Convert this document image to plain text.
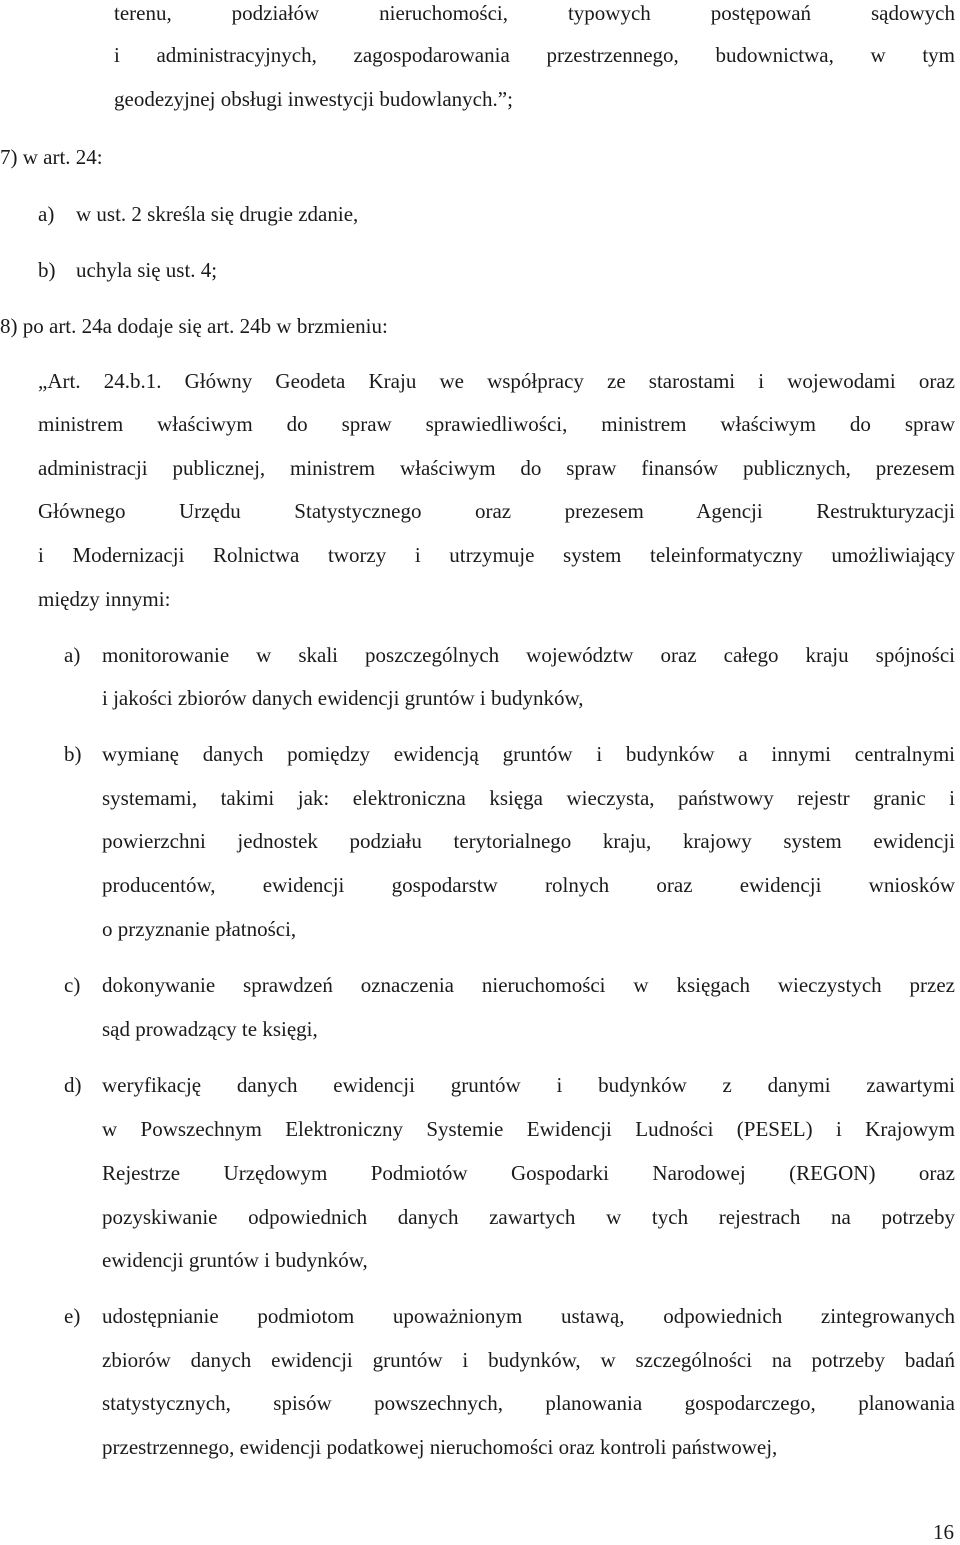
terenu, podziałów nieruchomości, typowych postępowań sądowych
i administracyjnych, zagospodarowania przestrzennego, budownictwa, w tym
geodezyjnej obsługi inwestycji budowlanych.”;
7) w art. 24:
a) w ust. 2 skreśla się drugie zdanie,
b) uchyla się ust. 4;
8) po art. 24a dodaje się art. 24b w brzmieniu:
„Art. 24.b.1. Główny Geodeta Kraju we współpracy ze starostami i wojewodami oraz
ministrem właściwym do spraw sprawiedliwości, ministrem właściwym do spraw
administracji publicznej, ministrem właściwym do spraw finansów publicznych, prezesem
Głównego Urzędu Statystycznego oraz prezesem Agencji Restrukturyzacji
i Modernizacji Rolnictwa tworzy i utrzymuje system teleinformatyczny umożliwiający
między innymi:
a) monitorowanie w skali poszczególnych województw oraz całego kraju spójności
i jakości zbiorów danych ewidencji gruntów i budynków,
b) wymianę danych pomiędzy ewidencją gruntów i budynków a innymi centralnymi
systemami, takimi jak: elektroniczna księga wieczysta, państwowy rejestr granic i
powierzchni jednostek podziału terytorialnego kraju, krajowy system ewidencji
producentów, ewidencji gospodarstw rolnych oraz ewidencji wniosków
o przyznanie płatności,
c) dokonywanie sprawdzeń oznaczenia nieruchomości w księgach wieczystych przez
sąd prowadzący te księgi,
d) weryfikację danych ewidencji gruntów i budynków z danymi zawartymi
w Powszechnym Elektroniczny Systemie Ewidencji Ludności (PESEL) i Krajowym
Rejestrze Urzędowym Podmiotów Gospodarki Narodowej (REGON) oraz
pozyskiwanie odpowiednich danych zawartych w tych rejestrach na potrzeby
ewidencji gruntów i budynków,
e) udostępnianie podmiotom upoważnionym ustawą, odpowiednich zintegrowanych
zbiorów danych ewidencji gruntów i budynków, w szczególności na potrzeby badań
statystycznych, spisów powszechnych, planowania gospodarczego, planowania
przestrzennego, ewidencji podatkowej nieruchomości oraz kontroli państwowej,
16
